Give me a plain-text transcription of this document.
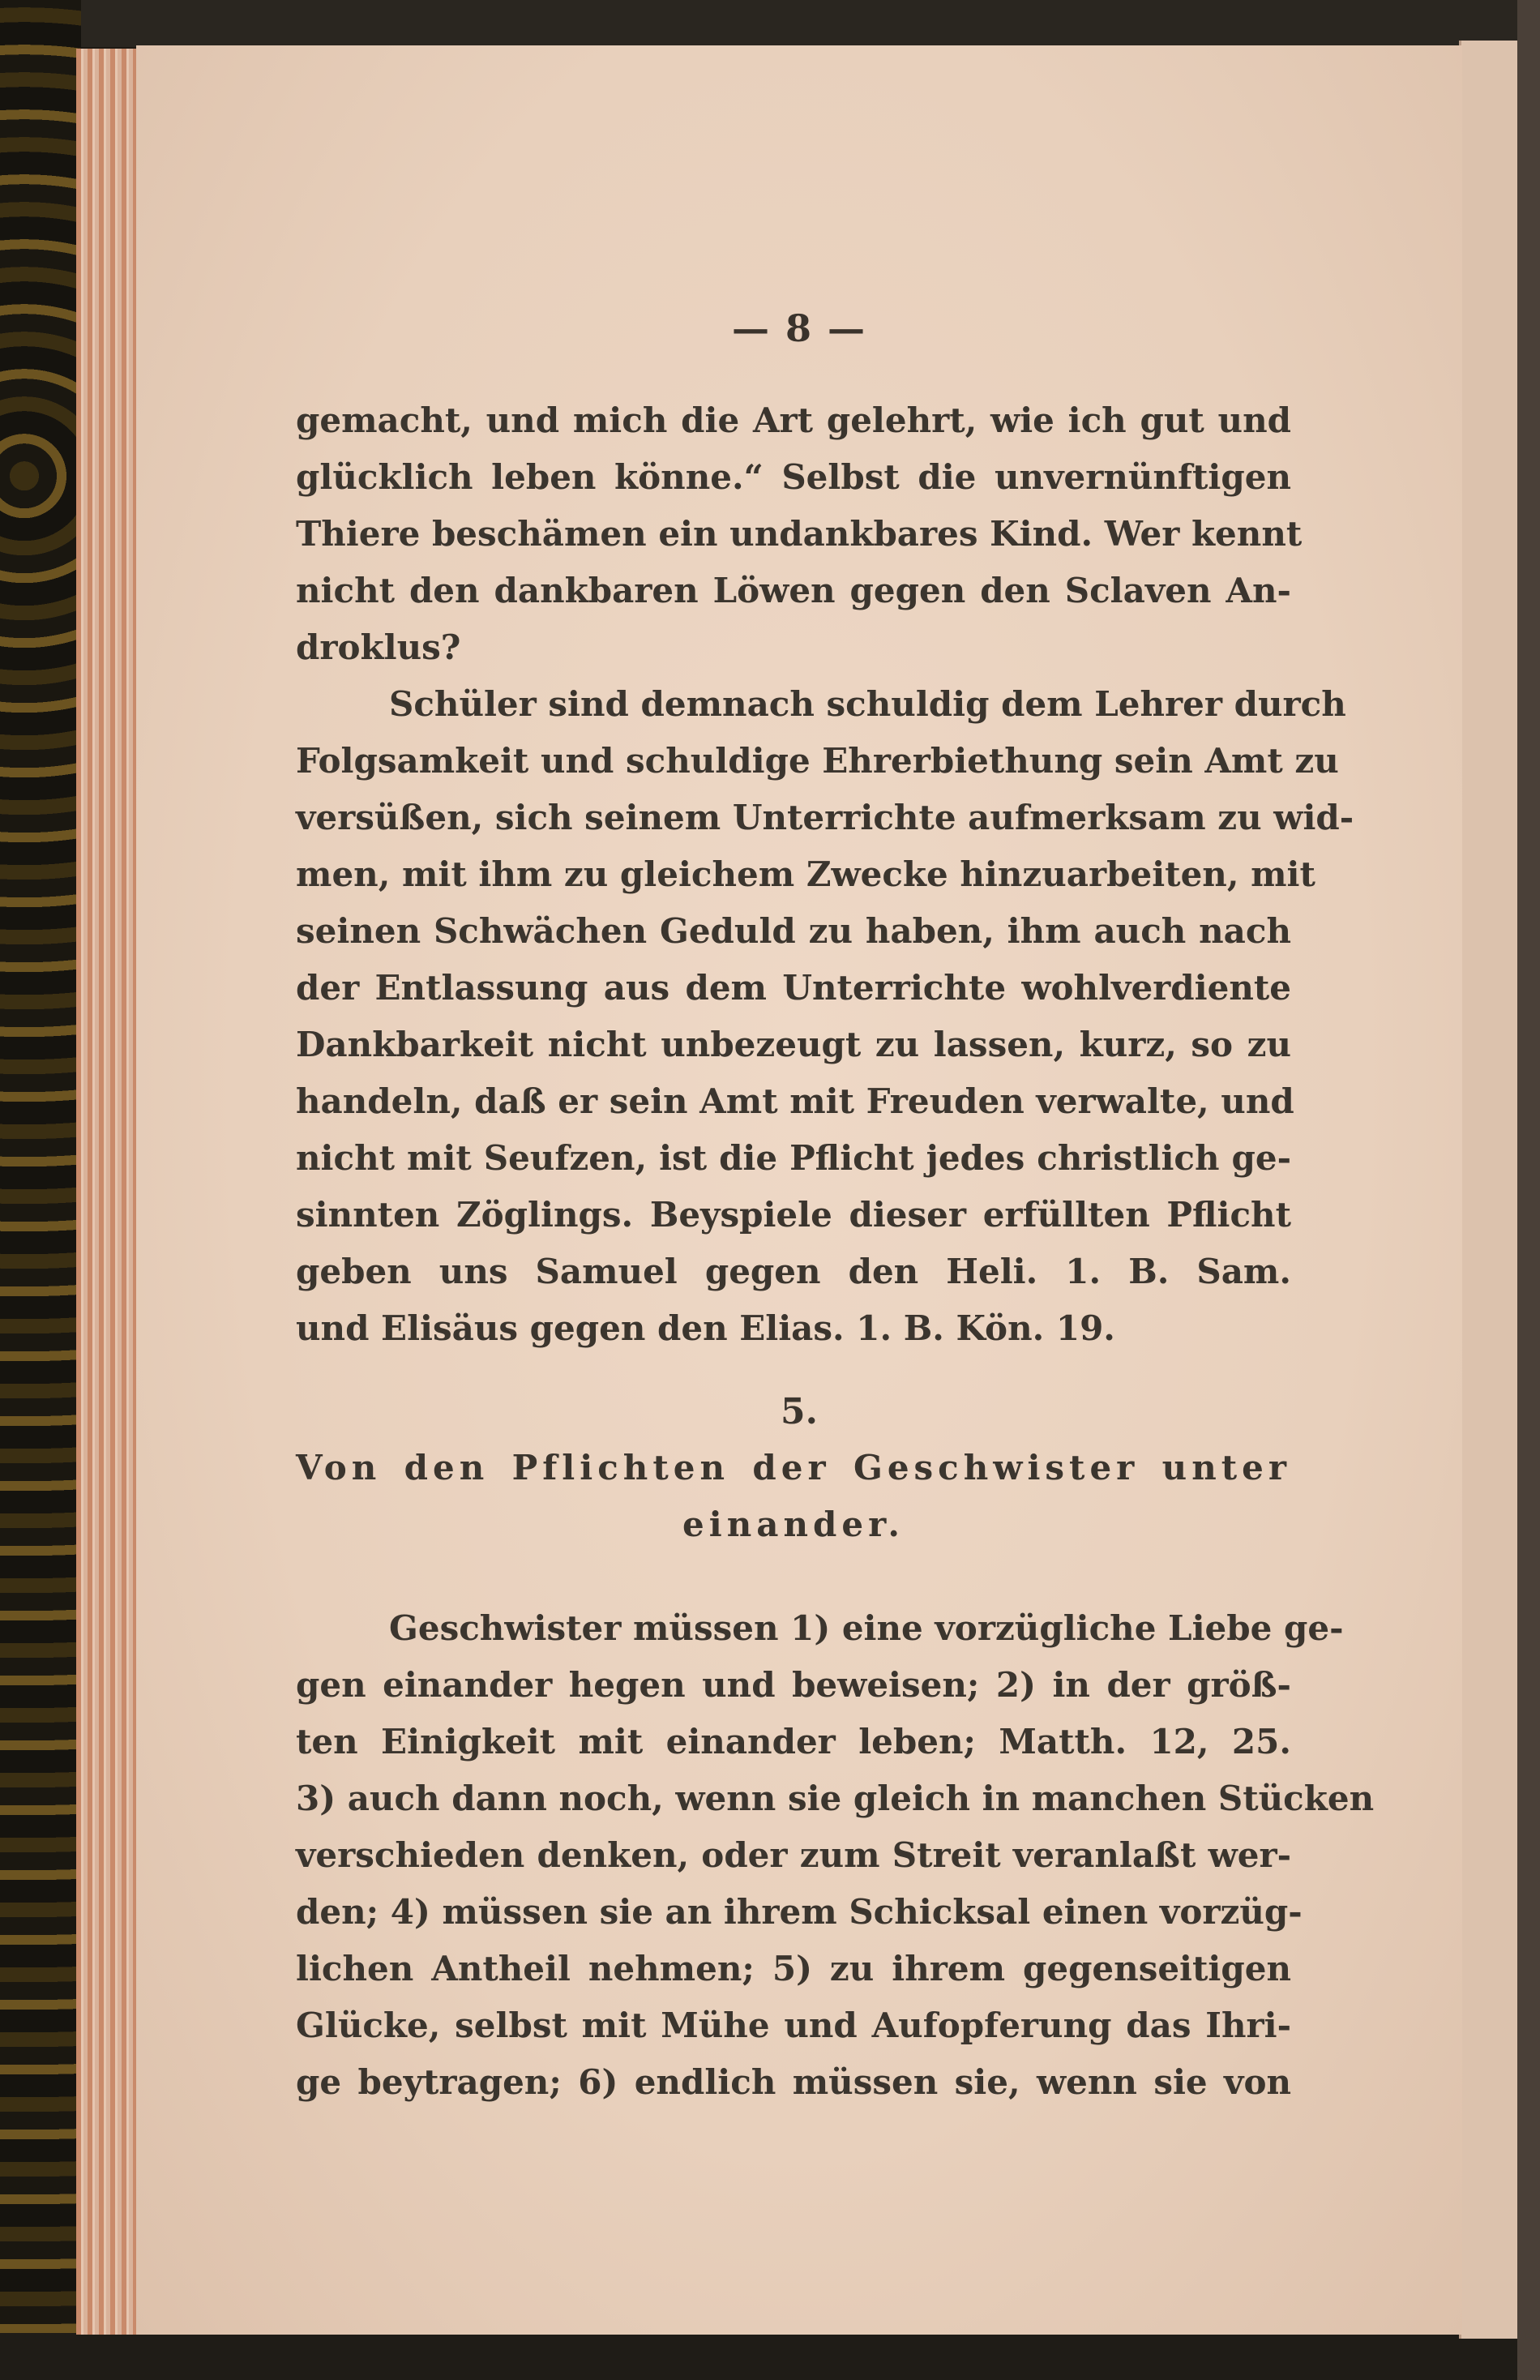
— 8 —
gemacht, und mich die Art gelehrt, wie ich gut und
glücklich leben könne.“ Selbst die unvernünftigen
Thiere beschämen ein undankbares Kind. Wer kennt
nicht den dankbaren Löwen gegen den Sclaven An-
droklus?
Schüler sind demnach schuldig dem Lehrer durch
Folgsamkeit und schuldige Ehrerbiethung sein Amt zu
versüßen, sich seinem Unterrichte aufmerksam zu wid-
men, mit ihm zu gleichem Zwecke hinzuarbeiten, mit
seinen Schwächen Geduld zu haben, ihm auch nach
der Entlassung aus dem Unterrichte wohlverdiente
Dankbarkeit nicht unbezeugt zu lassen, kurz, so zu
handeln, daß er sein Amt mit Freuden verwalte, und
nicht mit Seufzen, ist die Pflicht jedes christlich ge-
sinnten Zöglings. Beyspiele dieser erfüllten Pflicht
geben uns Samuel gegen den Heli. 1. B. Sam.
und Elisäus gegen den Elias. 1. B. Kön. 19.
5.
Von den Pflichten der Geschwister unter
einander.
Geschwister müssen 1) eine vorzügliche Liebe ge-
gen einander hegen und beweisen; 2) in der größ-
ten Einigkeit mit einander leben; Matth. 12, 25.
3) auch dann noch, wenn sie gleich in manchen Stücken
verschieden denken, oder zum Streit veranlaßt wer-
den; 4) müssen sie an ihrem Schicksal einen vorzüg-
lichen Antheil nehmen; 5) zu ihrem gegenseitigen
Glücke, selbst mit Mühe und Aufopferung das Ihri-
ge beytragen; 6) endlich müssen sie, wenn sie von
